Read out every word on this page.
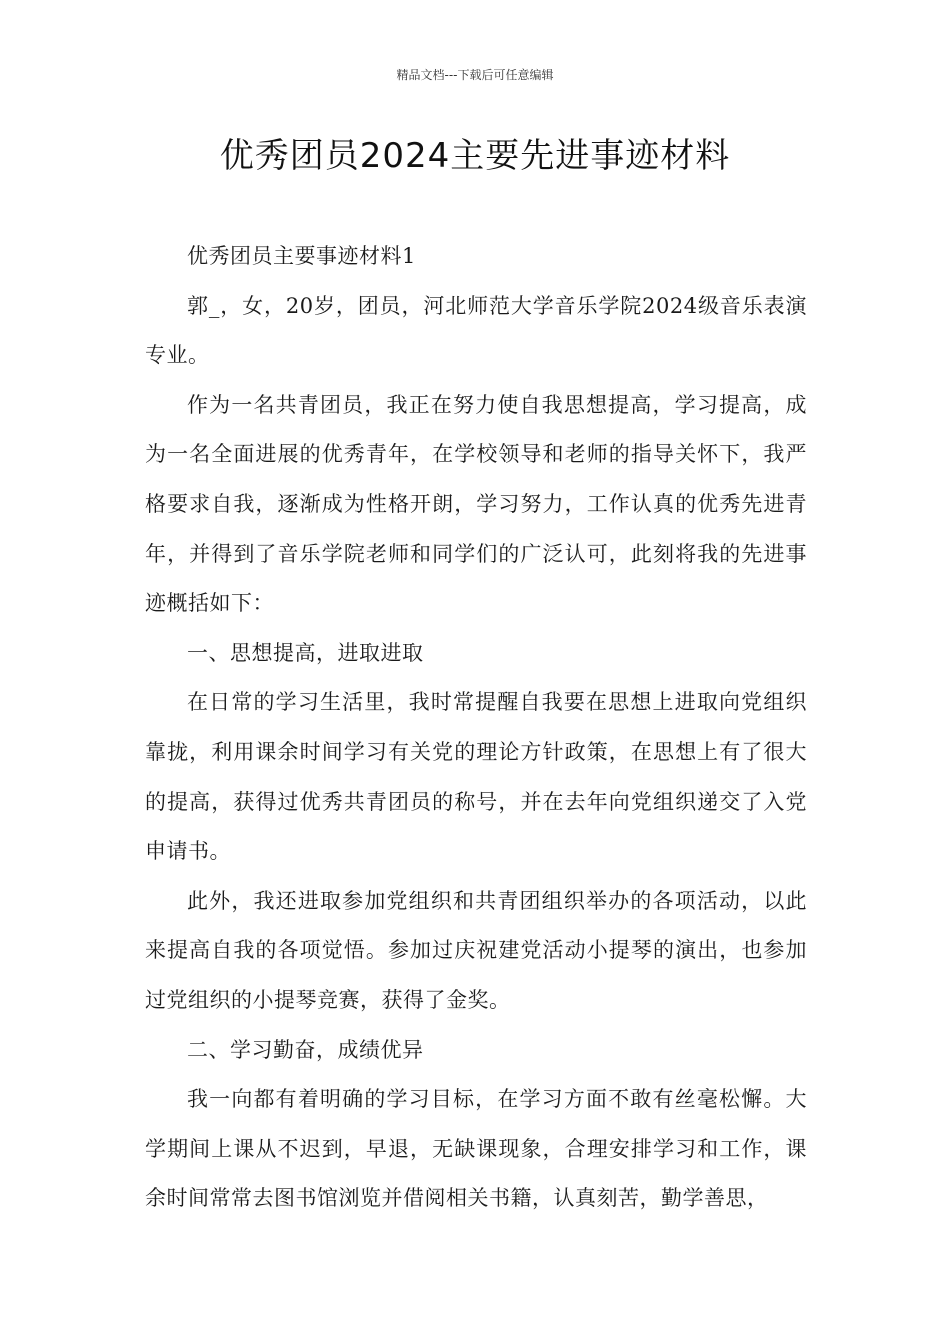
精品文档---下载后可任意编辑
优秀团员2024主要先进事迹材料

优秀团员主要事迹材料1

郭_，女，20岁，团员，河北师范大学音乐学院2024级音乐表演专业。

作为一名共青团员，我正在努力使自我思想提高，学习提高，成为一名全面进展的优秀青年，在学校领导和老师的指导关怀下，我严格要求自我，逐渐成为性格开朗，学习努力，工作认真的优秀先进青年，并得到了音乐学院老师和同学们的广泛认可，此刻将我的先进事迹概括如下：

一、思想提高，进取进取

在日常的学习生活里，我时常提醒自我要在思想上进取向党组织靠拢，利用课余时间学习有关党的理论方针政策，在思想上有了很大的提高，获得过优秀共青团员的称号，并在去年向党组织递交了入党申请书。

此外，我还进取参加党组织和共青团组织举办的各项活动，以此来提高自我的各项觉悟。参加过庆祝建党活动小提琴的演出，也参加过党组织的小提琴竞赛，获得了金奖。

二、学习勤奋，成绩优异

我一向都有着明确的学习目标，在学习方面不敢有丝毫松懈。大学期间上课从不迟到，早退，无缺课现象，合理安排学习和工作，课余时间常常去图书馆浏览并借阅相关书籍，认真刻苦，勤学善思，
